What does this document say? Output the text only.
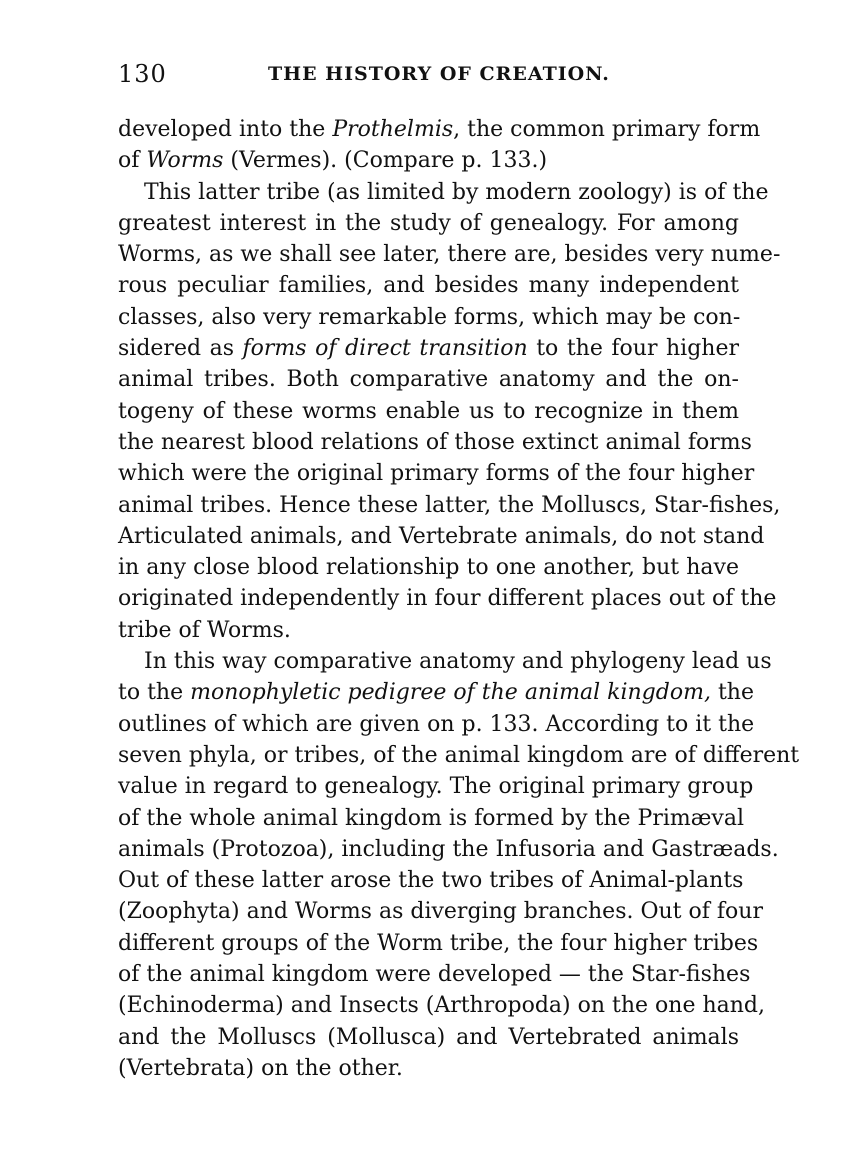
130	THE HISTORY OF CREATION.
developed into the Prothelmis, the common primary form
of Worms (Vermes). (Compare p. 133.)
This latter tribe (as limited by modern zoology) is of the
greatest interest in the study of genealogy. For among
Worms, as we shall see later, there are, besides very nume-
rous peculiar families, and besides many independent
classes, also very remarkable forms, which may be con-
sidered as forms of direct transition to the four higher
animal tribes. Both comparative anatomy and the on-
togeny of these worms enable us to recognize in them
the nearest blood relations of those extinct animal forms
which were the original primary forms of the four higher
animal tribes. Hence these latter, the Molluscs, Star-fishes,
Articulated animals, and Vertebrate animals, do not stand
in any close blood relationship to one another, but have
originated independently in four different places out of the
tribe of Worms.
In this way comparative anatomy and phylogeny lead us
to the monophyletic pedigree of the animal kingdom, the
outlines of which are given on p. 133. According to it the
seven phyla, or tribes, of the animal kingdom are of different
value in regard to genealogy. The original primary group
of the whole animal kingdom is formed by the Primæval
animals (Protozoa), including the Infusoria and Gastræads.
Out of these latter arose the two tribes of Animal-plants
(Zoophyta) and Worms as diverging branches. Out of four
different groups of the Worm tribe, the four higher tribes
of the animal kingdom were developed — the Star-fishes
(Echinoderma) and Insects (Arthropoda) on the one hand,
and the Molluscs (Mollusca) and Vertebrated animals
(Vertebrata) on the other.
